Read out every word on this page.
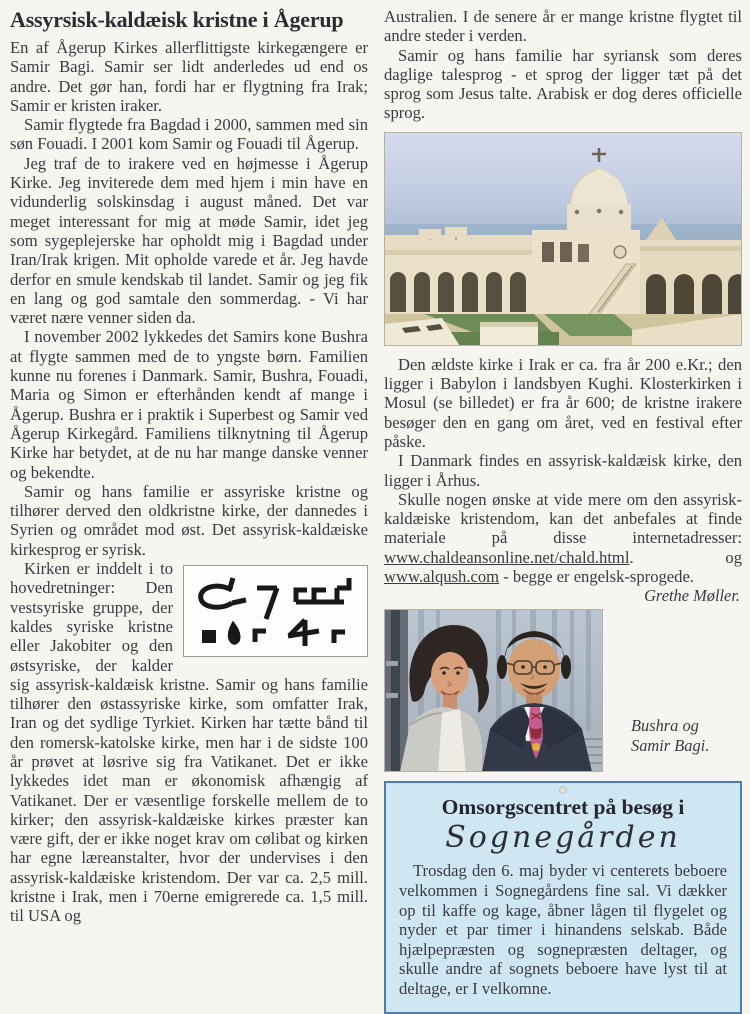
Assyrsisk-kaldæisk kristne i Ågerup

En af Ågerup Kirkes allerflittigste kirkegængere er Samir Bagi. Samir ser lidt anderledes ud end os andre. Det gør han, fordi har er flygtning fra Irak; Samir er kristen iraker.

Samir flygtede fra Bagdad i 2000, sammen med sin søn Fouadi. I 2001 kom Samir og Fouadi til Ågerup.

Jeg traf de to irakere ved en højmesse i Ågerup Kirke. Jeg inviterede dem med hjem i min have en vidunderlig solskinsdag i august måned. Det var meget interessant for mig at møde Samir, idet jeg som sygeplejerske har opholdt mig i Bagdad under Iran/Irak krigen. Mit opholde varede et år. Jeg havde derfor en smule kendskab til landet. Samir og jeg fik en lang og god samtale den sommerdag. - Vi har været nære venner siden da.

I november 2002 lykkedes det Samirs kone Bushra at flygte sammen med de to yngste børn. Familien kunne nu forenes i Danmark. Samir, Bushra, Fouadi, Maria og Simon er efterhånden kendt af mange i Ågerup. Bushra er i praktik i Superbest og Samir ved Ågerup Kirkegård. Familiens tilknytning til Ågerup Kirke har betydet, at de nu har mange danske venner og bekendte.

Samir og hans familie er assyriske kristne og tilhører derved den oldkristne kirke, der dannedes i Syrien og området mod øst. Det assyrisk-kaldæiske kirkesprog er syrisk.

Kirken er inddelt i to hovedretninger: Den vestsyriske gruppe, der kaldes syriske kristne eller Jakobiter og den østsyriske, der kalder sig assyrisk-kaldæisk kristne. Samir og hans familie tilhører den østassyriske kirke, som omfatter Irak, Iran og det sydlige Tyrkiet. Kirken har tætte bånd til den romersk-katolske kirke, men har i de sidste 100 år prøvet at løsrive sig fra Vatikanet. Det er ikke lykkedes idet man er økonomisk afhængig af Vatikanet. Der er væsentlige forskelle mellem de to kirker; den assyrisk-kaldæiske kirkes præster kan være gift, der er ikke noget krav om cølibat og kirken har egne læreanstalter, hvor der undervises i den assyrisk-kaldæiske kristendom. Der var ca. 2,5 mill. kristne i Irak, men i 70erne emigrerede ca. 1,5 mill. til USA og

Australien. I de senere år er mange kristne flygtet til andre steder i verden.

Samir og hans familie har syriansk som deres daglige talesprog - et sprog der ligger tæt på det sprog som Jesus talte. Arabisk er dog deres officielle sprog.

Den ældste kirke i Irak er ca. fra år 200 e.Kr.; den ligger i Babylon i landsbyen Kughi. Klosterkirken i Mosul (se billedet) er fra år 600; de kristne irakere besøger den en gang om året, ved en festival efter påske.

I Danmark findes en assyrisk-kaldæisk kirke, den ligger i Århus.

Skulle nogen ønske at vide mere om den assyrisk-kaldæiske kristendom, kan det anbefales at finde materiale på disse internetadresser: www.chaldeansonline.net/chald.html. og www.alqush.com - begge er engelsk-sprogede.

Grethe Møller.
Bushra og
Samir Bagi.
Omsorgscentret på besøg i
Sognegården

Trosdag den 6. maj byder vi centerets beboere velkommen i Sognegårdens fine sal. Vi dækker op til kaffe og kage, åbner lågen til flygelet og nyder et par timer i hinandens selskab. Både hjælpepræsten og sognepræsten deltager, og skulle andre af sognets beboere have lyst til at deltage, er I velkomne.
